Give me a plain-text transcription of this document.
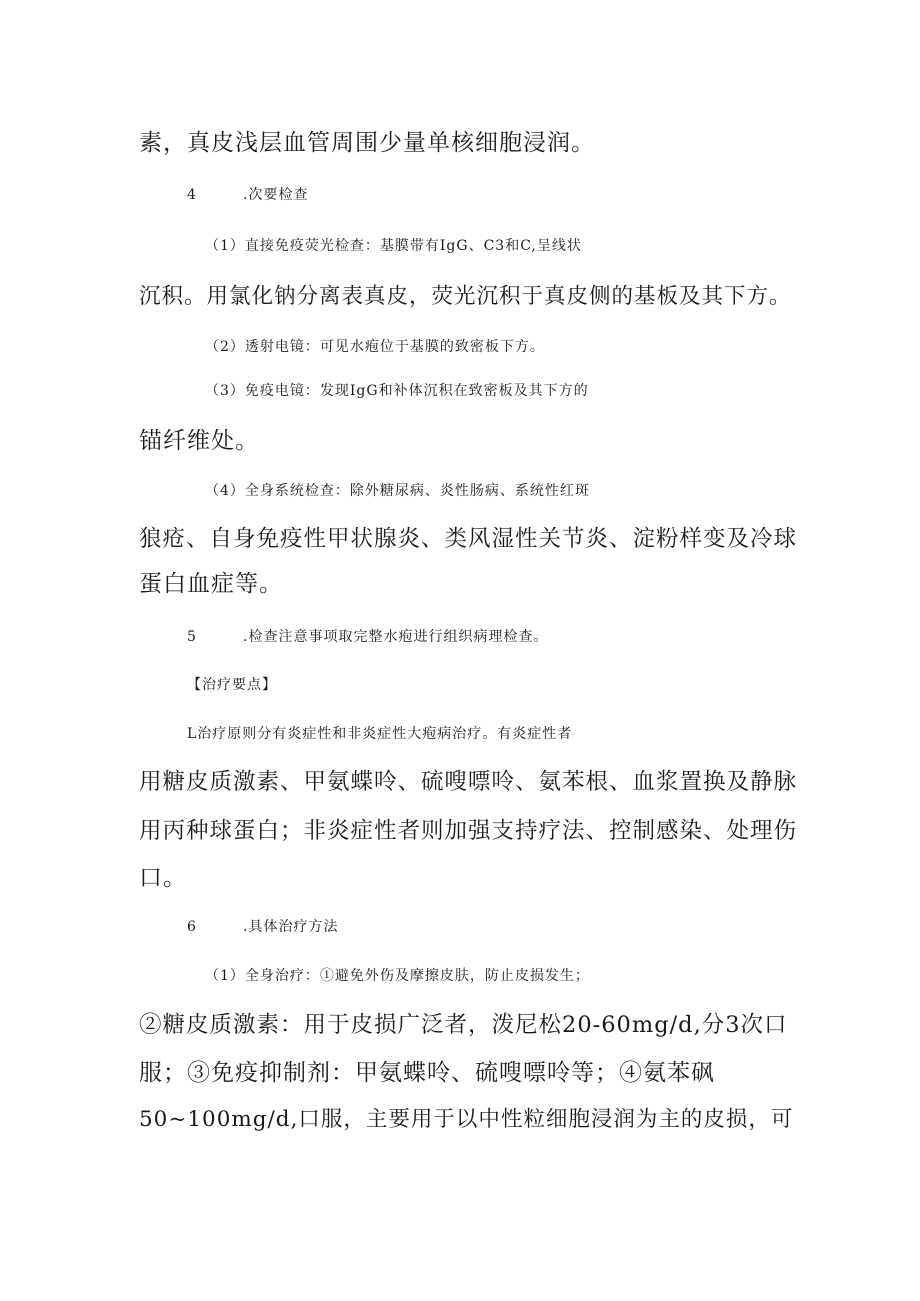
素，真皮浅层血管周围少量单核细胞浸润。
4	.次要检查
（1）直接免疫荧光检查：基膜带有IgG、C3和C,呈线状
沉积。用氯化钠分离表真皮，荧光沉积于真皮侧的基板及其下方。
（2）透射电镜：可见水疱位于基膜的致密板下方。
（3）免疫电镜：发现IgG和补体沉积在致密板及其下方的
锚纤维处。
（4）全身系统检查：除外糖尿病、炎性肠病、系统性红斑
狼疮、自身免疫性甲状腺炎、类风湿性关节炎、淀粉样变及冷球
蛋白血症等。
5	.检查注意事项取完整水疱进行组织病理检查。
【治疗要点】
L治疗原则分有炎症性和非炎症性大疱病治疗。有炎症性者
用糖皮质激素、甲氨蝶呤、硫嗖嘌呤、氨苯根、血浆置换及静脉
用丙种球蛋白；非炎症性者则加强支持疗法、控制感染、处理伤
口。
6	.具体治疗方法
（1）全身治疗：①避免外伤及摩擦皮肤，防止皮损发生；
②糖皮质激素：用于皮损广泛者，泼尼松20-60mg/d,分3次口
服；③免疫抑制剂：甲氨蝶呤、硫嗖嘌呤等；④氨苯砜
50~100mg/d,口服，主要用于以中性粒细胞浸润为主的皮损，可
